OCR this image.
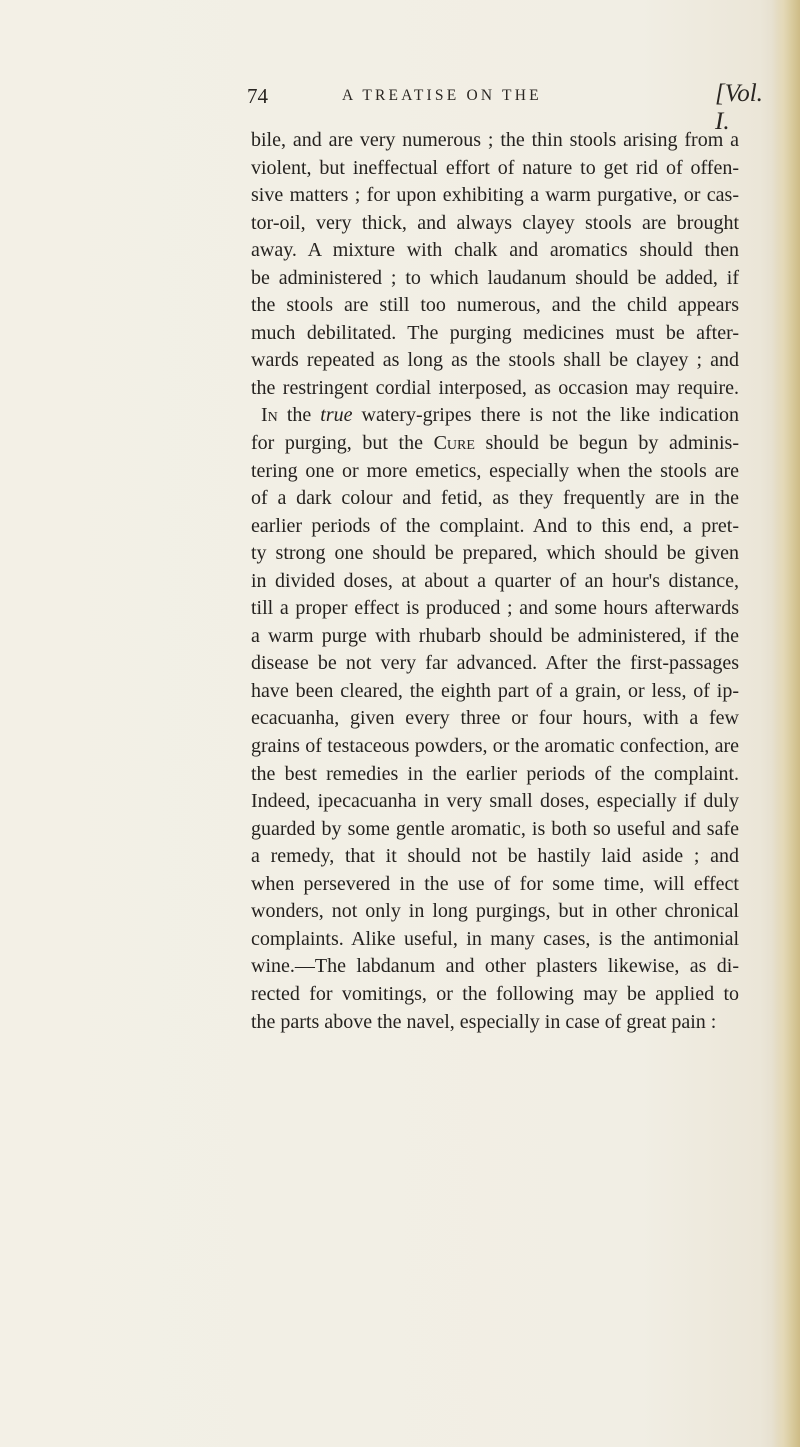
74	A TREATISE ON THE	[Vol. I.
bile, and are very numerous ; the thin stools arising from a
violent, but ineffectual effort of nature to get rid of offen-
sive matters ; for upon exhibiting a warm purgative, or cas-
tor-oil, very thick, and always clayey stools are brought
away. A mixture with chalk and aromatics should then
be administered ; to which laudanum should be added, if
the stools are still too numerous, and the child appears
much debilitated. The purging medicines must be after-
wards repeated as long as the stools shall be clayey ; and
the restringent cordial interposed, as occasion may require.
In the true watery-gripes there is not the like indication
for purging, but the Cure should be begun by adminis-
tering one or more emetics, especially when the stools are
of a dark colour and fetid, as they frequently are in the
earlier periods of the complaint. And to this end, a pret-
ty strong one should be prepared, which should be given
in divided doses, at about a quarter of an hour's distance,
till a proper effect is produced ; and some hours afterwards
a warm purge with rhubarb should be administered, if the
disease be not very far advanced. After the first-passages
have been cleared, the eighth part of a grain, or less, of ip-
ecacuanha, given every three or four hours, with a few
grains of testaceous powders, or the aromatic confection, are
the best remedies in the earlier periods of the complaint.
Indeed, ipecacuanha in very small doses, especially if duly
guarded by some gentle aromatic, is both so useful and safe
a remedy, that it should not be hastily laid aside ; and
when persevered in the use of for some time, will effect
wonders, not only in long purgings, but in other chronical
complaints. Alike useful, in many cases, is the antimonial
wine.—The labdanum and other plasters likewise, as di-
rected for vomitings, or the following may be applied to
the parts above the navel, especially in case of great pain :
